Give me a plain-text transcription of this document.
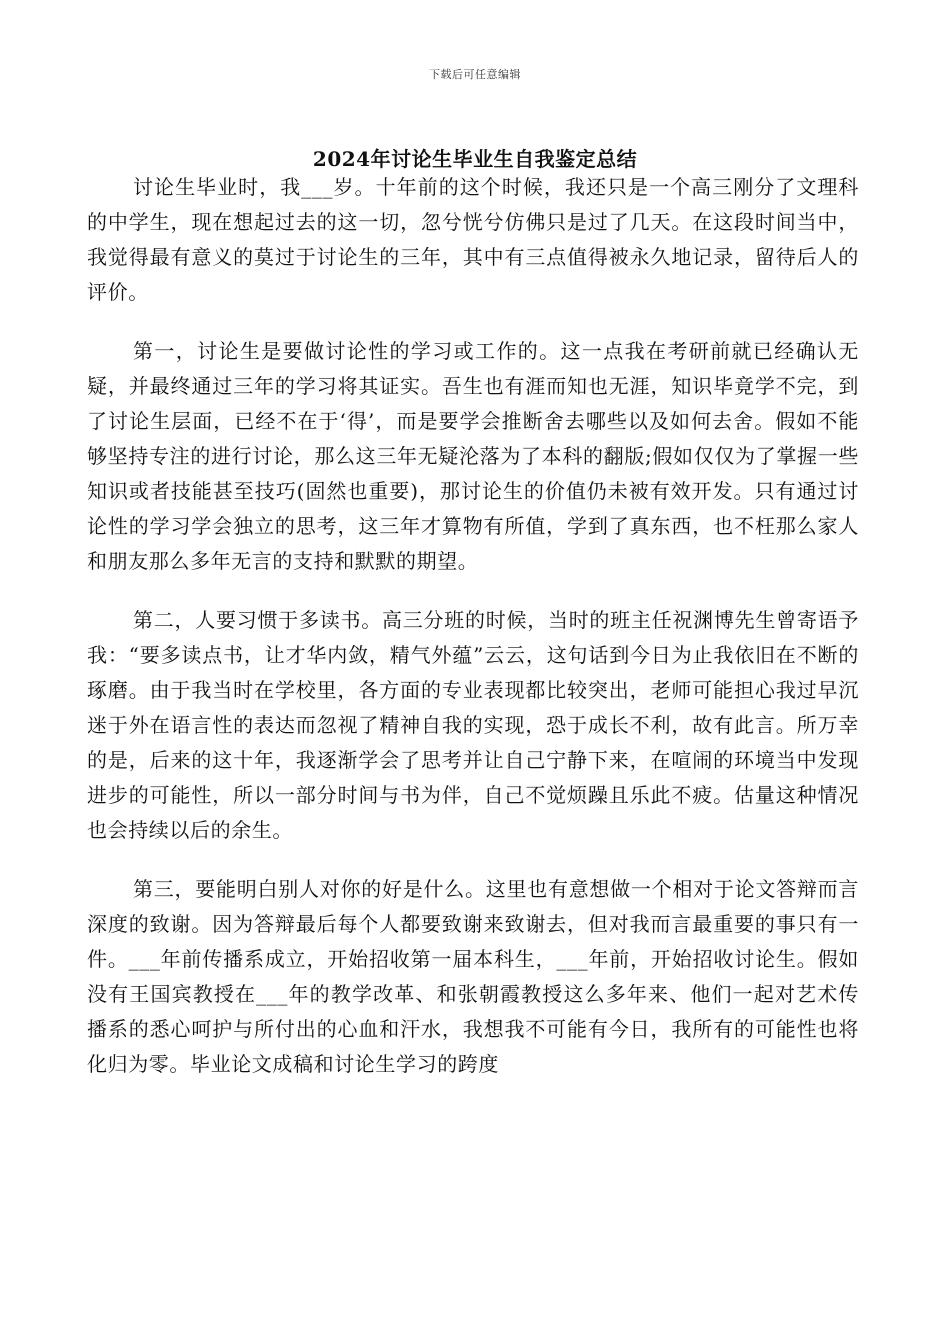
下载后可任意编辑
2024年讨论生毕业生自我鉴定总结

讨论生毕业时，我___岁。十年前的这个时候，我还只是一个高三刚分了文理科的中学生，现在想起过去的这一切，忽兮恍兮仿佛只是过了几天。在这段时间当中，我觉得最有意义的莫过于讨论生的三年，其中有三点值得被永久地记录，留待后人的评价。

第一，讨论生是要做讨论性的学习或工作的。这一点我在考研前就已经确认无疑，并最终通过三年的学习将其证实。吾生也有涯而知也无涯，知识毕竟学不完，到了讨论生层面，已经不在于‘得’，而是要学会推断舍去哪些以及如何去舍。假如不能够坚持专注的进行讨论，那么这三年无疑沦落为了本科的翻版;假如仅仅为了掌握一些知识或者技能甚至技巧(固然也重要)，那讨论生的价值仍未被有效开发。只有通过讨论性的学习学会独立的思考，这三年才算物有所值，学到了真东西，也不枉那么家人和朋友那么多年无言的支持和默默的期望。

第二，人要习惯于多读书。高三分班的时候，当时的班主任祝渊博先生曾寄语予我：“要多读点书，让才华内敛，精气外蕴”云云，这句话到今日为止我依旧在不断的琢磨。由于我当时在学校里，各方面的专业表现都比较突出，老师可能担心我过早沉迷于外在语言性的表达而忽视了精神自我的实现，恐于成长不利，故有此言。所万幸的是，后来的这十年，我逐渐学会了思考并让自己宁静下来，在喧闹的环境当中发现进步的可能性，所以一部分时间与书为伴，自己不觉烦躁且乐此不疲。估量这种情况也会持续以后的余生。

第三，要能明白别人对你的好是什么。这里也有意想做一个相对于论文答辩而言深度的致谢。因为答辩最后每个人都要致谢来致谢去，但对我而言最重要的事只有一件。___年前传播系成立，开始招收第一届本科生，___年前，开始招收讨论生。假如没有王国宾教授在___年的教学改革、和张朝霞教授这么多年来、他们一起对艺术传播系的悉心呵护与所付出的心血和汗水，我想我不可能有今日，我所有的可能性也将化归为零。毕业论文成稿和讨论生学习的跨度
